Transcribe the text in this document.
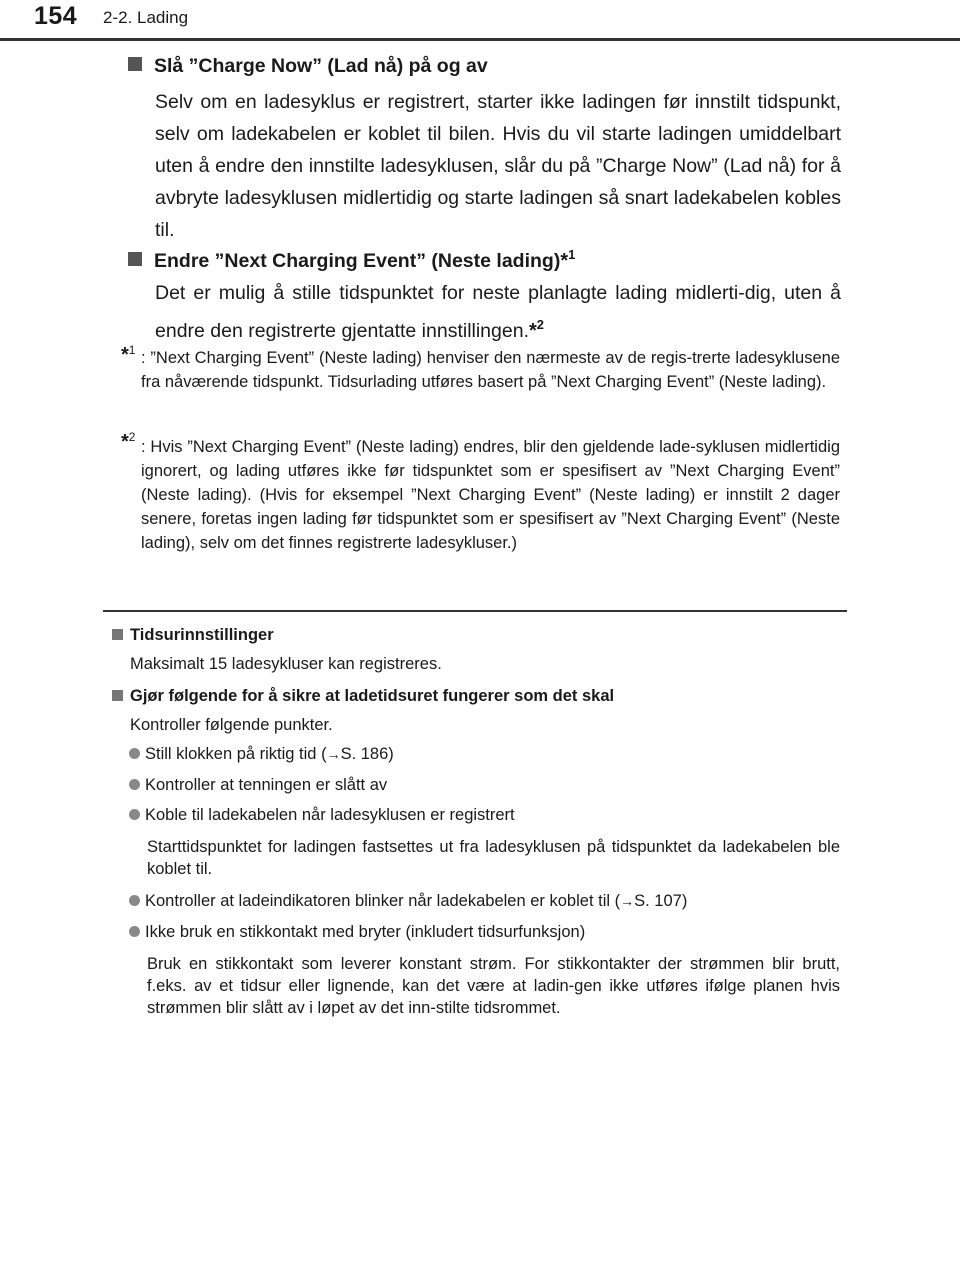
154 2-2. Lading
Slå ”Charge Now” (Lad nå) på og av
Selv om en ladesyklus er registrert, starter ikke ladingen før innstilt tidspunkt, selv om ladekabelen er koblet til bilen. Hvis du vil starte ladingen umiddelbart uten å endre den innstilte ladesyklusen, slår du på ”Charge Now” (Lad nå) for å avbryte ladesyklusen midlertidig og starte ladingen så snart ladekabelen kobles til.
Endre ”Next Charging Event” (Neste lading)*$^1$
Det er mulig å stille tidspunktet for neste planlagte lading midlerti-dig, uten å endre den registrerte gjentatte innstillingen.*$^2$
*$^1$ : ”Next Charging Event” (Neste lading) henviser den nærmeste av de regis-trerte ladesyklusene fra nåværende tidspunkt. Tidsurlading utføres basert på ”Next Charging Event” (Neste lading).
*$^2$
: Hvis ”Next Charging Event” (Neste lading) endres, blir den gjeldende lade-syklusen midlertidig ignorert, og lading utføres ikke før tidspunktet som er spesifisert av ”Next Charging Event” (Neste lading). (Hvis for eksempel ”Next Charging Event” (Neste lading) er innstilt 2 dager senere, foretas ingen lading før tidspunktet som er spesifisert av ”Next Charging Event” (Neste lading), selv om det finnes registrerte ladesykluser.)
Tidsurinnstillinger
Maksimalt 15 ladesykluser kan registreres.
Gjør følgende for å sikre at ladetidsuret fungerer som det skal
Kontroller følgende punkter.
Still klokken på riktig tid (→S. 186)
Kontroller at tenningen er slått av
Koble til ladekabelen når ladesyklusen er registrert
Starttidspunktet for ladingen fastsettes ut fra ladesyklusen på tidspunktet da ladekabelen ble koblet til.
Kontroller at ladeindikatoren blinker når ladekabelen er koblet til (→S. 107)
Ikke bruk en stikkontakt med bryter (inkludert tidsurfunksjon)
Bruk en stikkontakt som leverer konstant strøm. For stikkontakter der strømmen blir brutt, f.eks. av et tidsur eller lignende, kan det være at ladin-gen ikke utføres ifølge planen hvis strømmen blir slått av i løpet av det inn-stilte tidsrommet.
